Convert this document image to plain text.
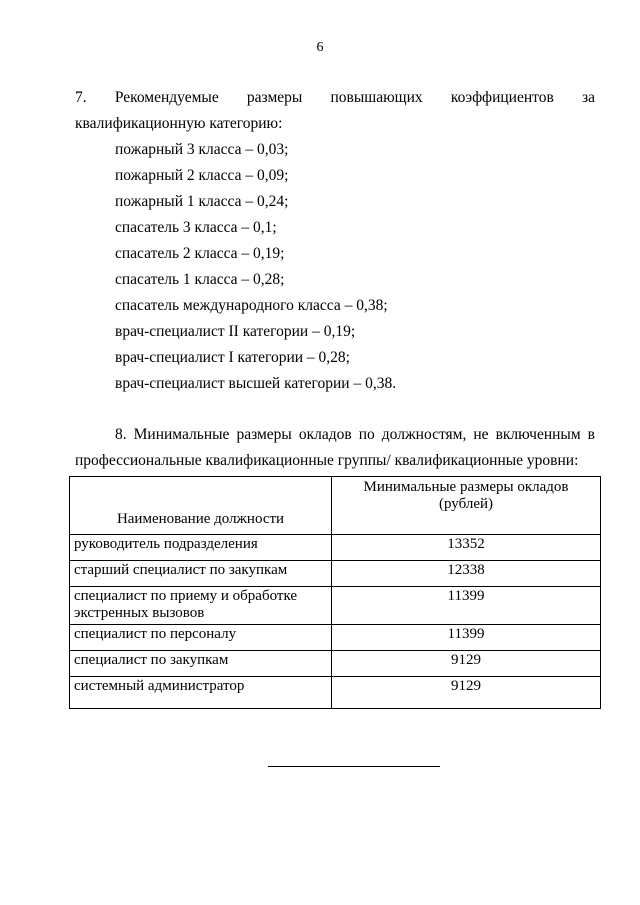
6
7. Рекомендуемые размеры повышающих коэффициентов за
квалификационную категорию:
пожарный 3 класса – 0,03;
пожарный 2 класса – 0,09;
пожарный 1 класса – 0,24;
спасатель 3 класса – 0,1;
спасатель 2 класса – 0,19;
спасатель 1 класса – 0,28;
спасатель международного класса – 0,38;
врач-специалист II категории – 0,19;
врач-специалист I категории – 0,28;
врач-специалист высшей категории – 0,38.
8. Минимальные размеры окладов по должностям, не включенным в
профессиональные квалификационные группы/ квалификационные уровни:
Наименование должности	Минимальные размеры окладов (рублей)
руководитель подразделения	13352
старший специалист по закупкам	12338
специалист по приему и обработке экстренных вызовов	11399
специалист по персоналу	11399
специалист по закупкам	9129
системный администратор	9129
